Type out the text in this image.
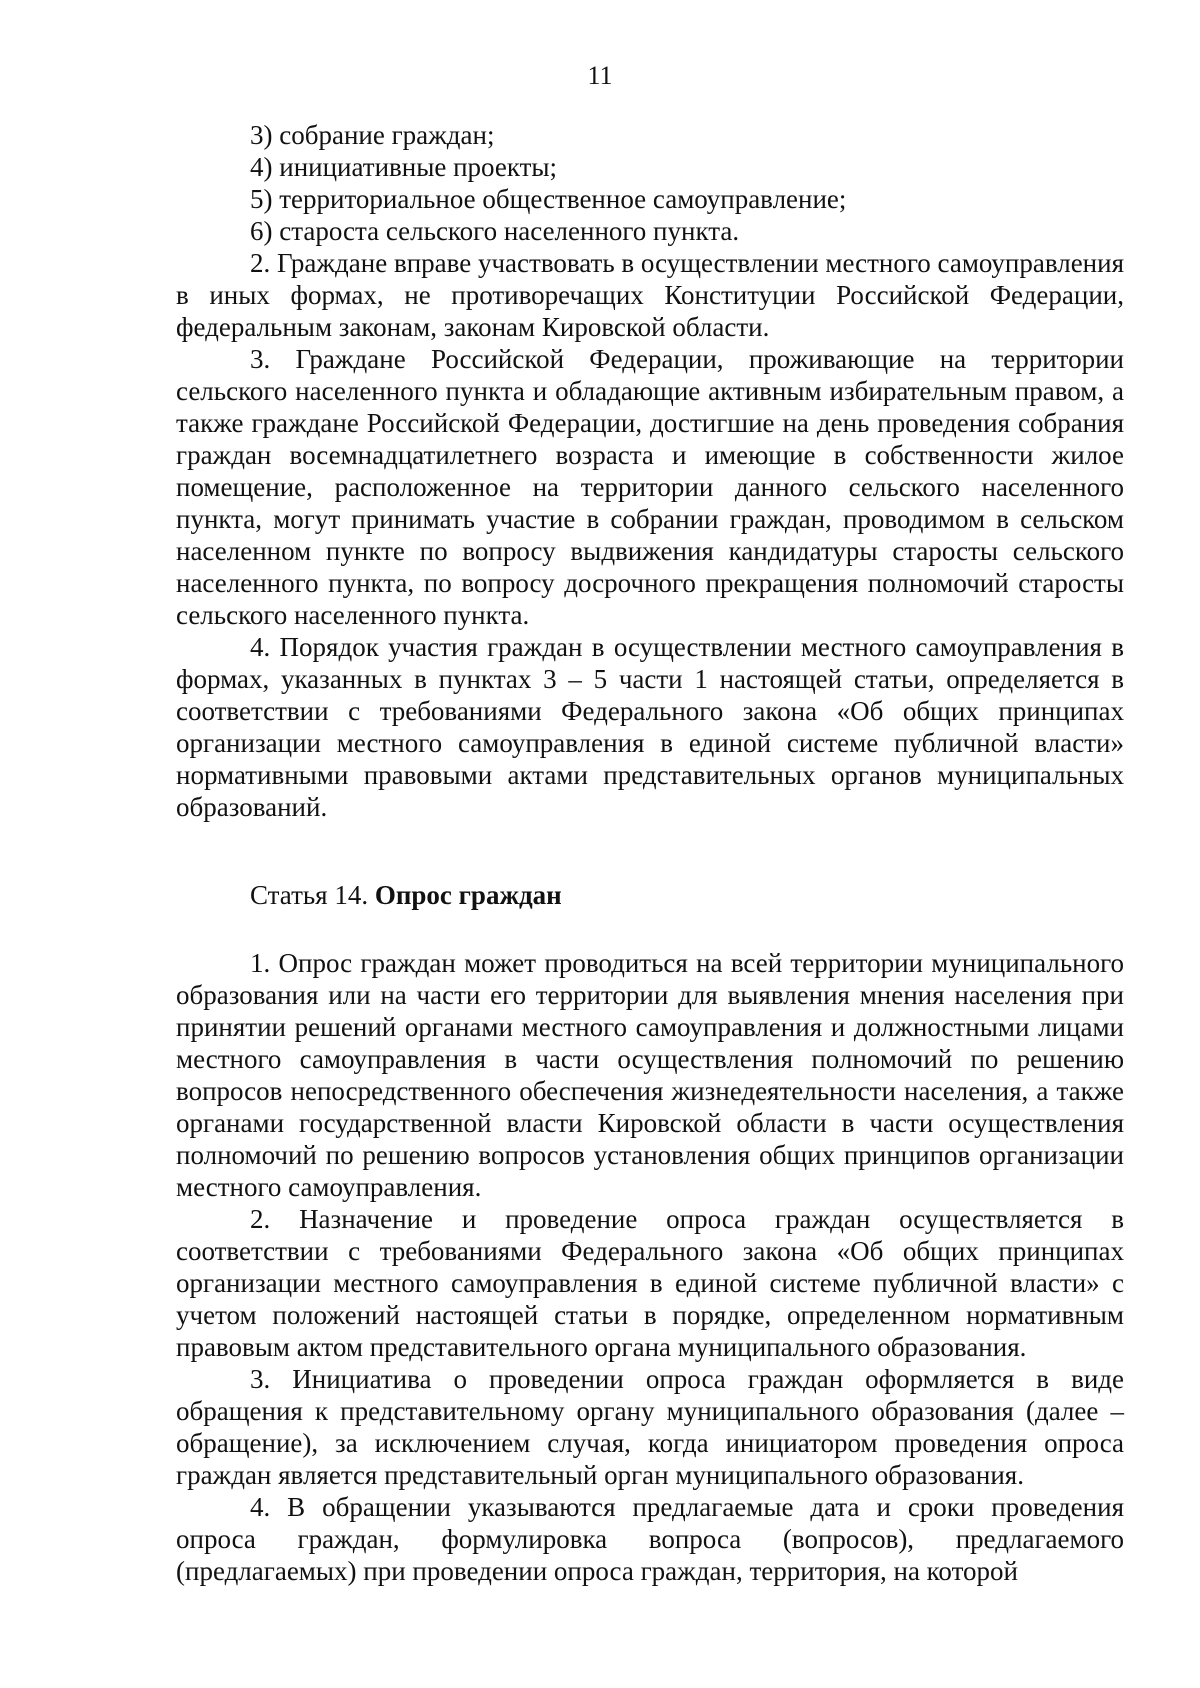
11

3) собрание граждан;

4) инициативные проекты;

5) территориальное общественное самоуправление;

6) староста сельского населенного пункта.

2. Граждане вправе участвовать в осуществлении местного самоуправления в иных формах, не противоречащих Конституции Российской Федерации, федеральным законам, законам Кировской области.

3. Граждане Российской Федерации, проживающие на территории сельского населенного пункта и обладающие активным избирательным правом, а также граждане Российской Федерации, достигшие на день проведения собрания граждан восемнадцатилетнего возраста и имеющие в собственности жилое помещение, расположенное на территории данного сельского населенного пункта, могут принимать участие в собрании граждан, проводимом в сельском населенном пункте по вопросу выдвижения кандидатуры старосты сельского населенного пункта, по вопросу досрочного прекращения полномочий старосты сельского населенного пункта.

4. Порядок участия граждан в осуществлении местного самоуправления в формах, указанных в пунктах 3 – 5 части 1 настоящей статьи, определяется в соответствии с требованиями Федерального закона «Об общих принципах организации местного самоуправления в единой системе публичной власти» нормативными правовыми актами представительных органов муниципальных образований.

Статья 14. Опрос граждан

1. Опрос граждан может проводиться на всей территории муниципального образования или на части его территории для выявления мнения населения при принятии решений органами местного самоуправления и должностными лицами местного самоуправления в части осуществления полномочий по решению вопросов непосредственного обеспечения жизнедеятельности населения, а также органами государственной власти Кировской области в части осуществления полномочий по решению вопросов установления общих принципов организации местного самоуправления.

2. Назначение и проведение опроса граждан осуществляется в соответствии с требованиями Федерального закона «Об общих принципах организации местного самоуправления в единой системе публичной власти» с учетом положений настоящей статьи в порядке, определенном нормативным правовым актом представительного органа муниципального образования.

3. Инициатива о проведении опроса граждан оформляется в виде обращения к представительному органу муниципального образования (далее – обращение), за исключением случая, когда инициатором проведения опроса граждан является представительный орган муниципального образования.

4. В обращении указываются предлагаемые дата и сроки проведения опроса граждан, формулировка вопроса (вопросов), предлагаемого (предлагаемых) при проведении опроса граждан, территория, на которой
